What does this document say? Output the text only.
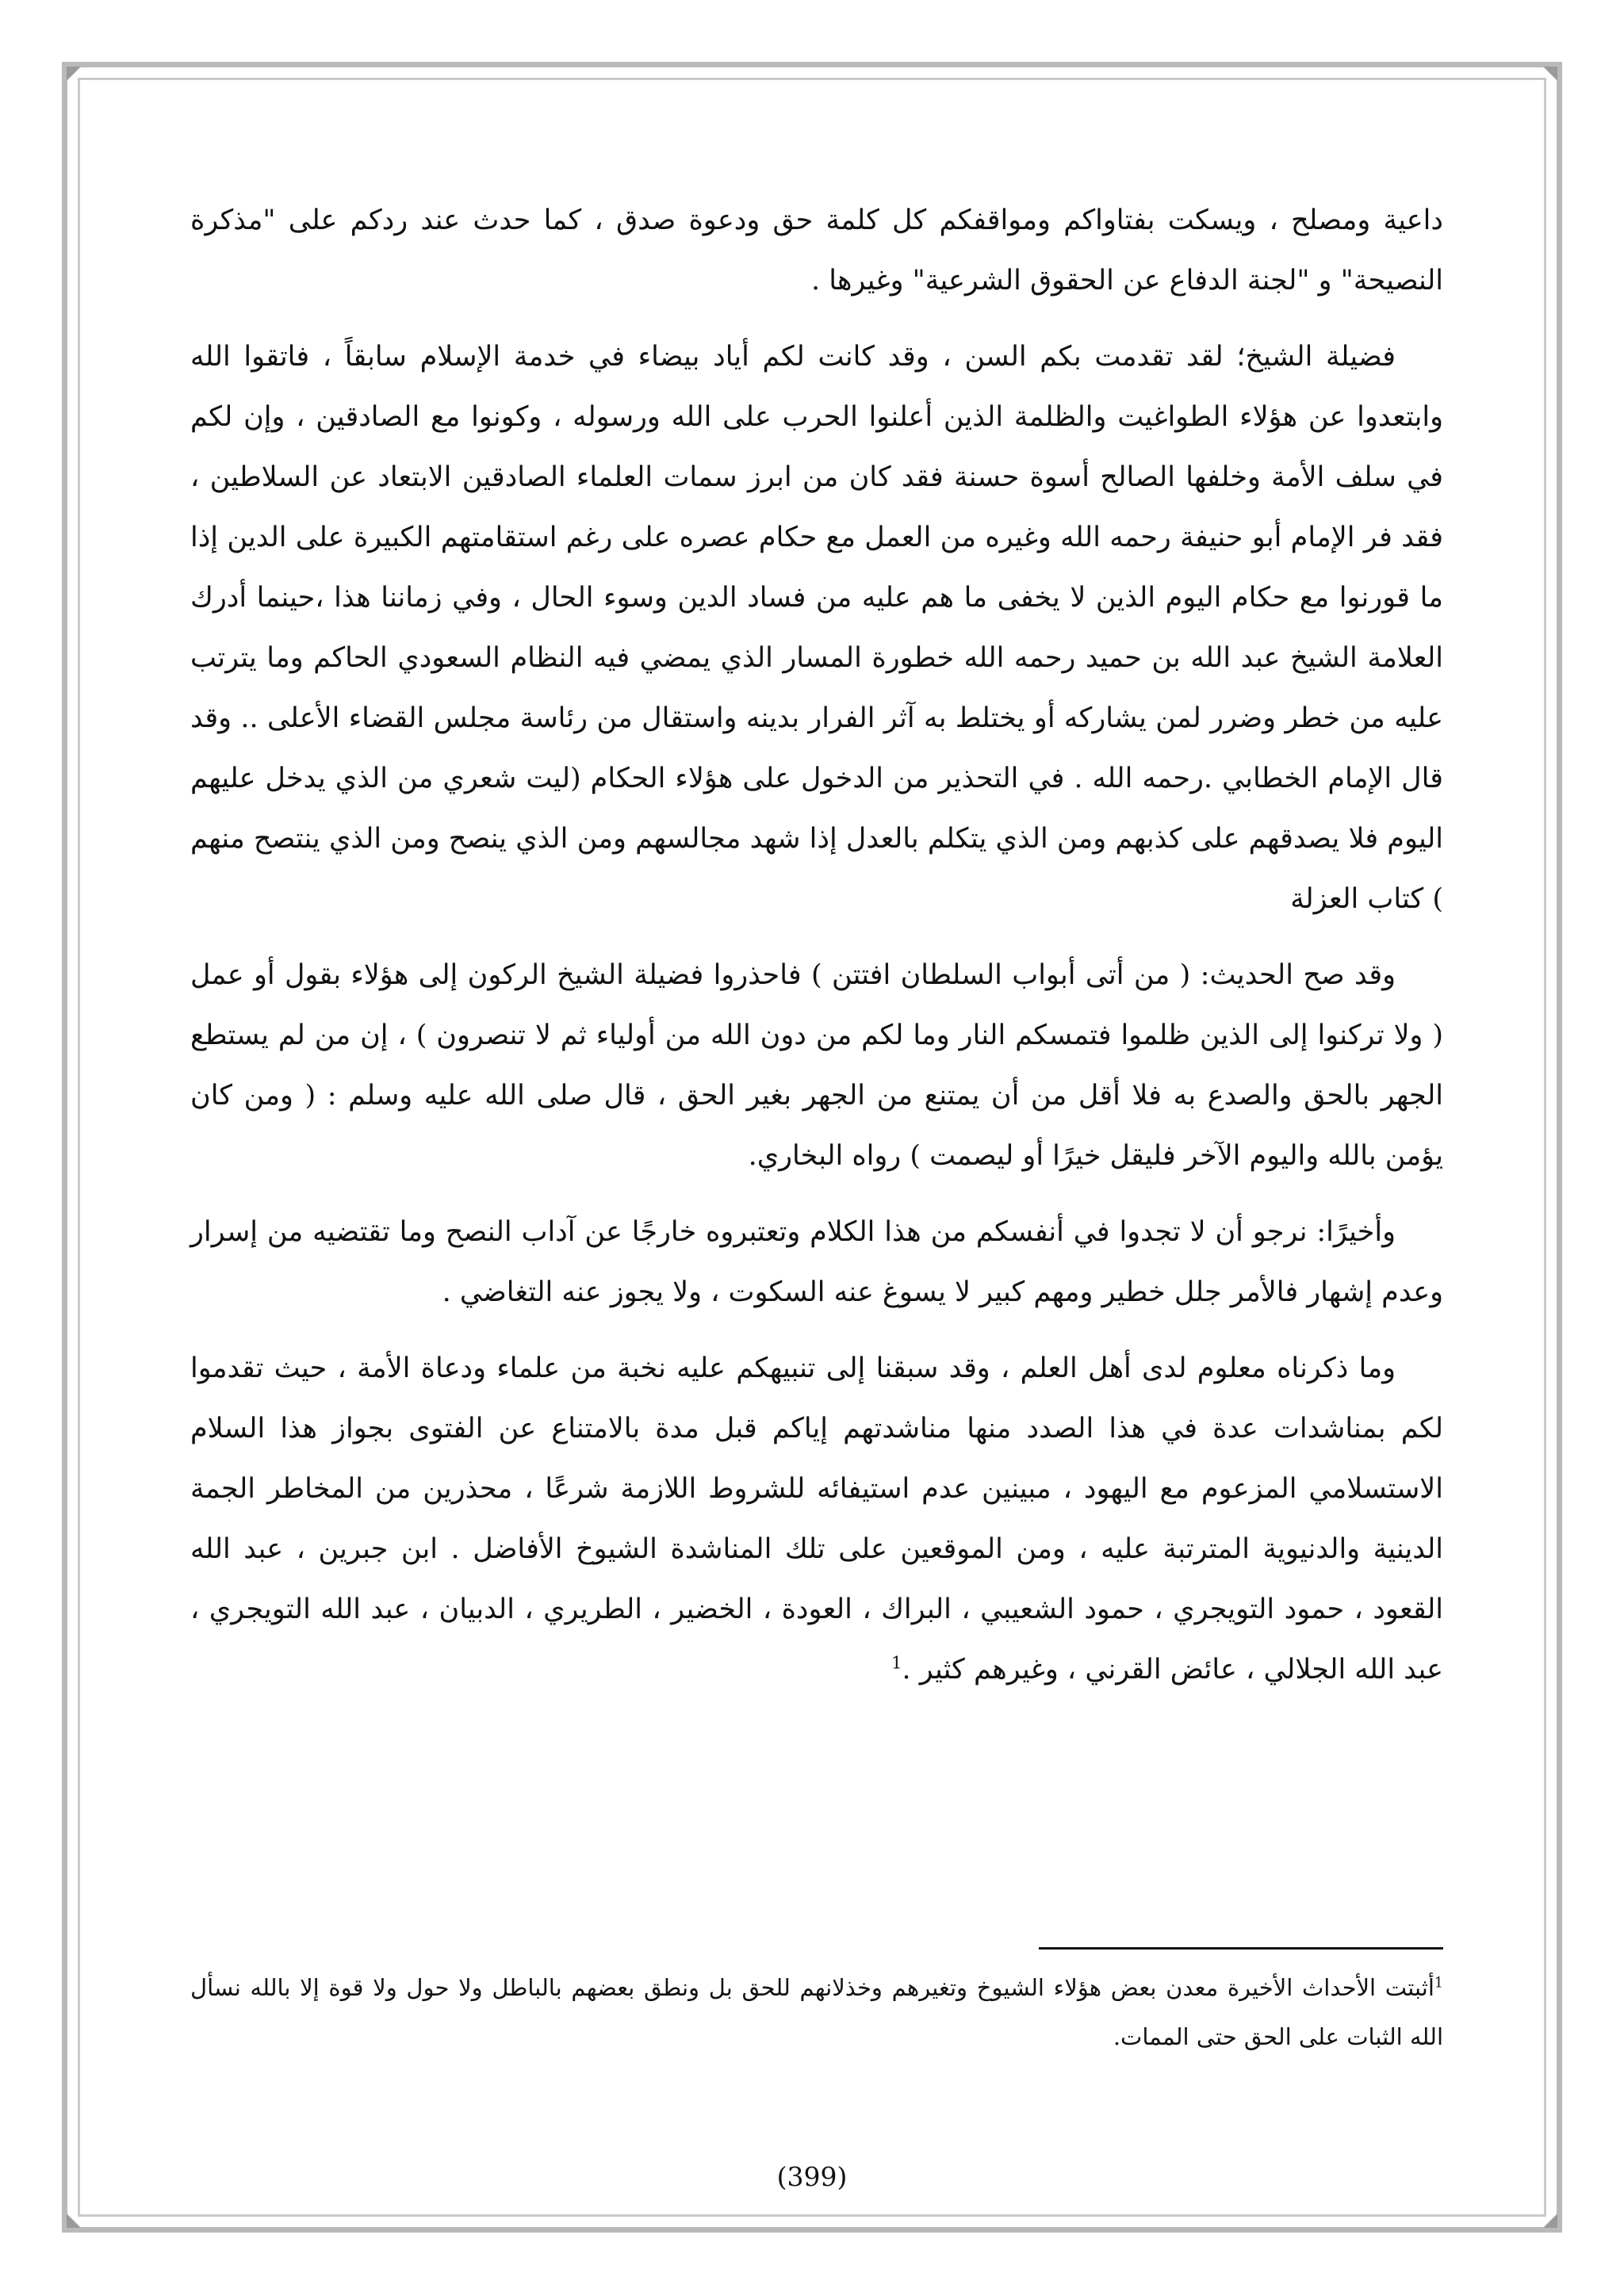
داعية ومصلح ، ويسكت بفتاواكم ومواقفكم كل كلمة حق ودعوة صدق ، كما حدث عند ردكم على "مذكرة النصيحة" و "لجنة الدفاع عن الحقوق الشرعية" وغيرها .

فضيلة الشيخ؛ لقد تقدمت بكم السن ، وقد كانت لكم أياد بيضاء في خدمة الإسلام سابقاً ، فاتقوا الله وابتعدوا عن هؤلاء الطواغيت والظلمة الذين أعلنوا الحرب على الله ورسوله ، وكونوا مع الصادقين ، وإن لكم في سلف الأمة وخلفها الصالح أسوة حسنة فقد كان من ابرز سمات العلماء الصادقين الابتعاد عن السلاطين ، فقد فر الإمام أبو حنيفة رحمه الله وغيره من العمل مع حكام عصره على رغم استقامتهم الكبيرة على الدين إذا ما قورنوا مع حكام اليوم الذين لا يخفى ما هم عليه من فساد الدين وسوء الحال ، وفي زماننا هذا ،حينما أدرك العلامة الشيخ عبد الله بن حميد رحمه الله خطورة المسار الذي يمضي فيه النظام السعودي الحاكم وما يترتب عليه من خطر وضرر لمن يشاركه أو يختلط به آثر الفرار بدينه واستقال من رئاسة مجلس القضاء الأعلى .. وقد قال الإمام الخطابي .رحمه الله . في التحذير من الدخول على هؤلاء الحكام (ليت شعري من الذي يدخل عليهم اليوم فلا يصدقهم على كذبهم ومن الذي يتكلم بالعدل إذا شهد مجالسهم ومن الذي ينصح ومن الذي ينتصح منهم ) كتاب العزلة

وقد صح الحديث: ( من أتى أبواب السلطان افتتن ) فاحذروا فضيلة الشيخ الركون إلى هؤلاء بقول أو عمل ( ولا تركنوا إلى الذين ظلموا فتمسكم النار وما لكم من دون الله من أولياء ثم لا تنصرون ) ، إن من لم يستطع الجهر بالحق والصدع به فلا أقل من أن يمتنع من الجهر بغير الحق ، قال صلى الله عليه وسلم : ( ومن كان يؤمن بالله واليوم الآخر فليقل خيرًا أو ليصمت ) رواه البخاري.

وأخيرًا: نرجو أن لا تجدوا في أنفسكم من هذا الكلام وتعتبروه خارجًا عن آداب النصح وما تقتضيه من إسرار وعدم إشهار فالأمر جلل خطير ومهم كبير لا يسوغ عنه السكوت ، ولا يجوز عنه التغاضي .

وما ذكرناه معلوم لدى أهل العلم ، وقد سبقنا إلى تنبيهكم عليه نخبة من علماء ودعاة الأمة ، حيث تقدموا لكم بمناشدات عدة في هذا الصدد منها مناشدتهم إياكم قبل مدة بالامتناع عن الفتوى بجواز هذا السلام الاستسلامي المزعوم مع اليهود ، مبينين عدم استيفائه للشروط اللازمة شرعًا ، محذرين من المخاطر الجمة الدينية والدنيوية المترتبة عليه ، ومن الموقعين على تلك المناشدة الشيوخ الأفاضل . ابن جبرين ، عبد الله القعود ، حمود التويجري ، حمود الشعيبي ، البراك ، العودة ، الخضير ، الطريري ، الدبيان ، عبد الله التويجري ، عبد الله الجلالي ، عائض القرني ، وغيرهم كثير .$^1$

$^1$أثبتت الأحداث الأخيرة معدن بعض هؤلاء الشيوخ وتغيرهم وخذلانهم للحق بل ونطق بعضهم بالباطل ولا حول ولا قوة إلا بالله نسأل الله الثبات على الحق حتى الممات.
(399)
